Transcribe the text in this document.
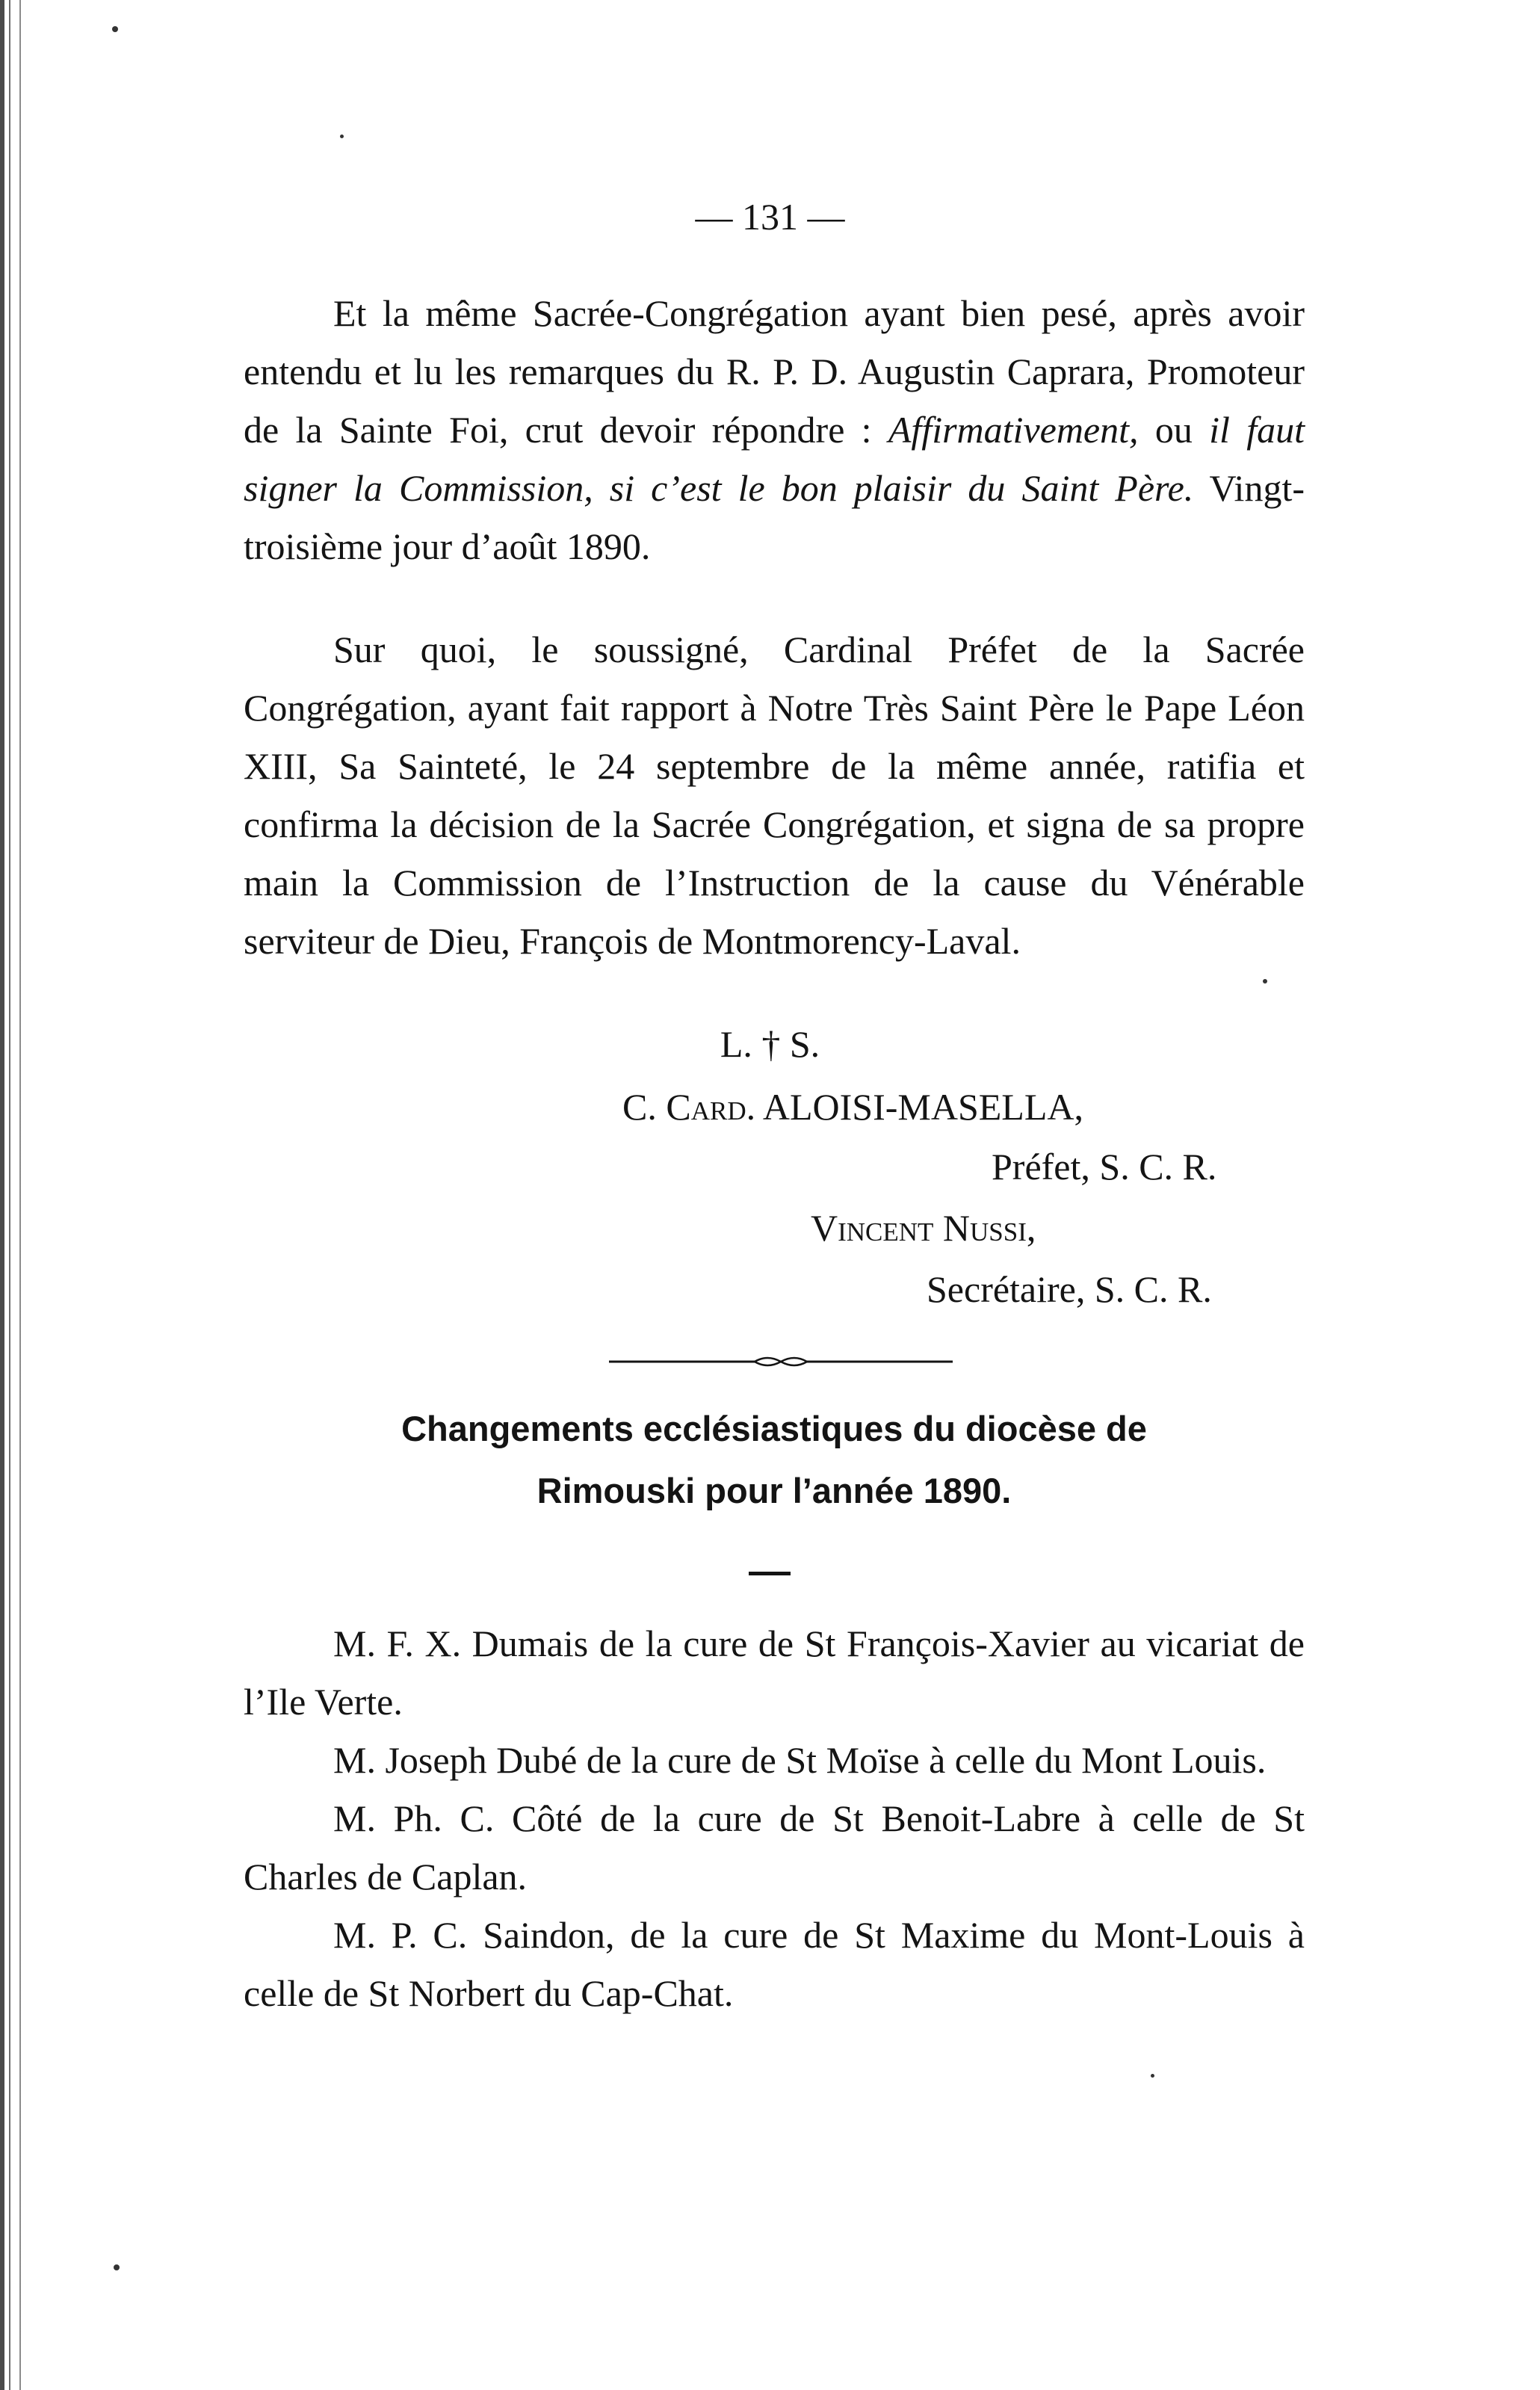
— 131 —

Et la même Sacrée-Congrégation ayant bien pesé, après avoir entendu et lu les remarques du R. P. D. Augustin Caprara, Promoteur de la Sainte Foi, crut devoir répondre : Affirmativement, ou il faut signer la Commission, si c’est le bon plaisir du Saint Père. Vingt-troisième jour d’août 1890.

Sur quoi, le soussigné, Cardinal Préfet de la Sacrée Congrégation, ayant fait rapport à Notre Très Saint Père le Pape Léon XIII, Sa Sainteté, le 24 septembre de la même année, ratifia et confirma la décision de la Sacrée Congrégation, et signa de sa propre main la Commission de l’Instruction de la cause du Vénérable serviteur de Dieu, François de Montmorency-Laval.

L. † S.
C. Card. ALOISI-MASELLA,
Préfet, S. C. R.
Vincent Nussi,
Secrétaire, S. C. R.
Changements ecclésiastiques du diocèse de
Rimouski pour l’année 1890.

M. F. X. Dumais de la cure de St François-Xavier au vicariat de l’Ile Verte.

M. Joseph Dubé de la cure de St Moïse à celle du Mont Louis.

M. Ph. C. Côté de la cure de St Benoit-Labre à celle de St Charles de Caplan.

M. P. C. Saindon, de la cure de St Maxime du Mont-Louis à celle de St Norbert du Cap-Chat.
